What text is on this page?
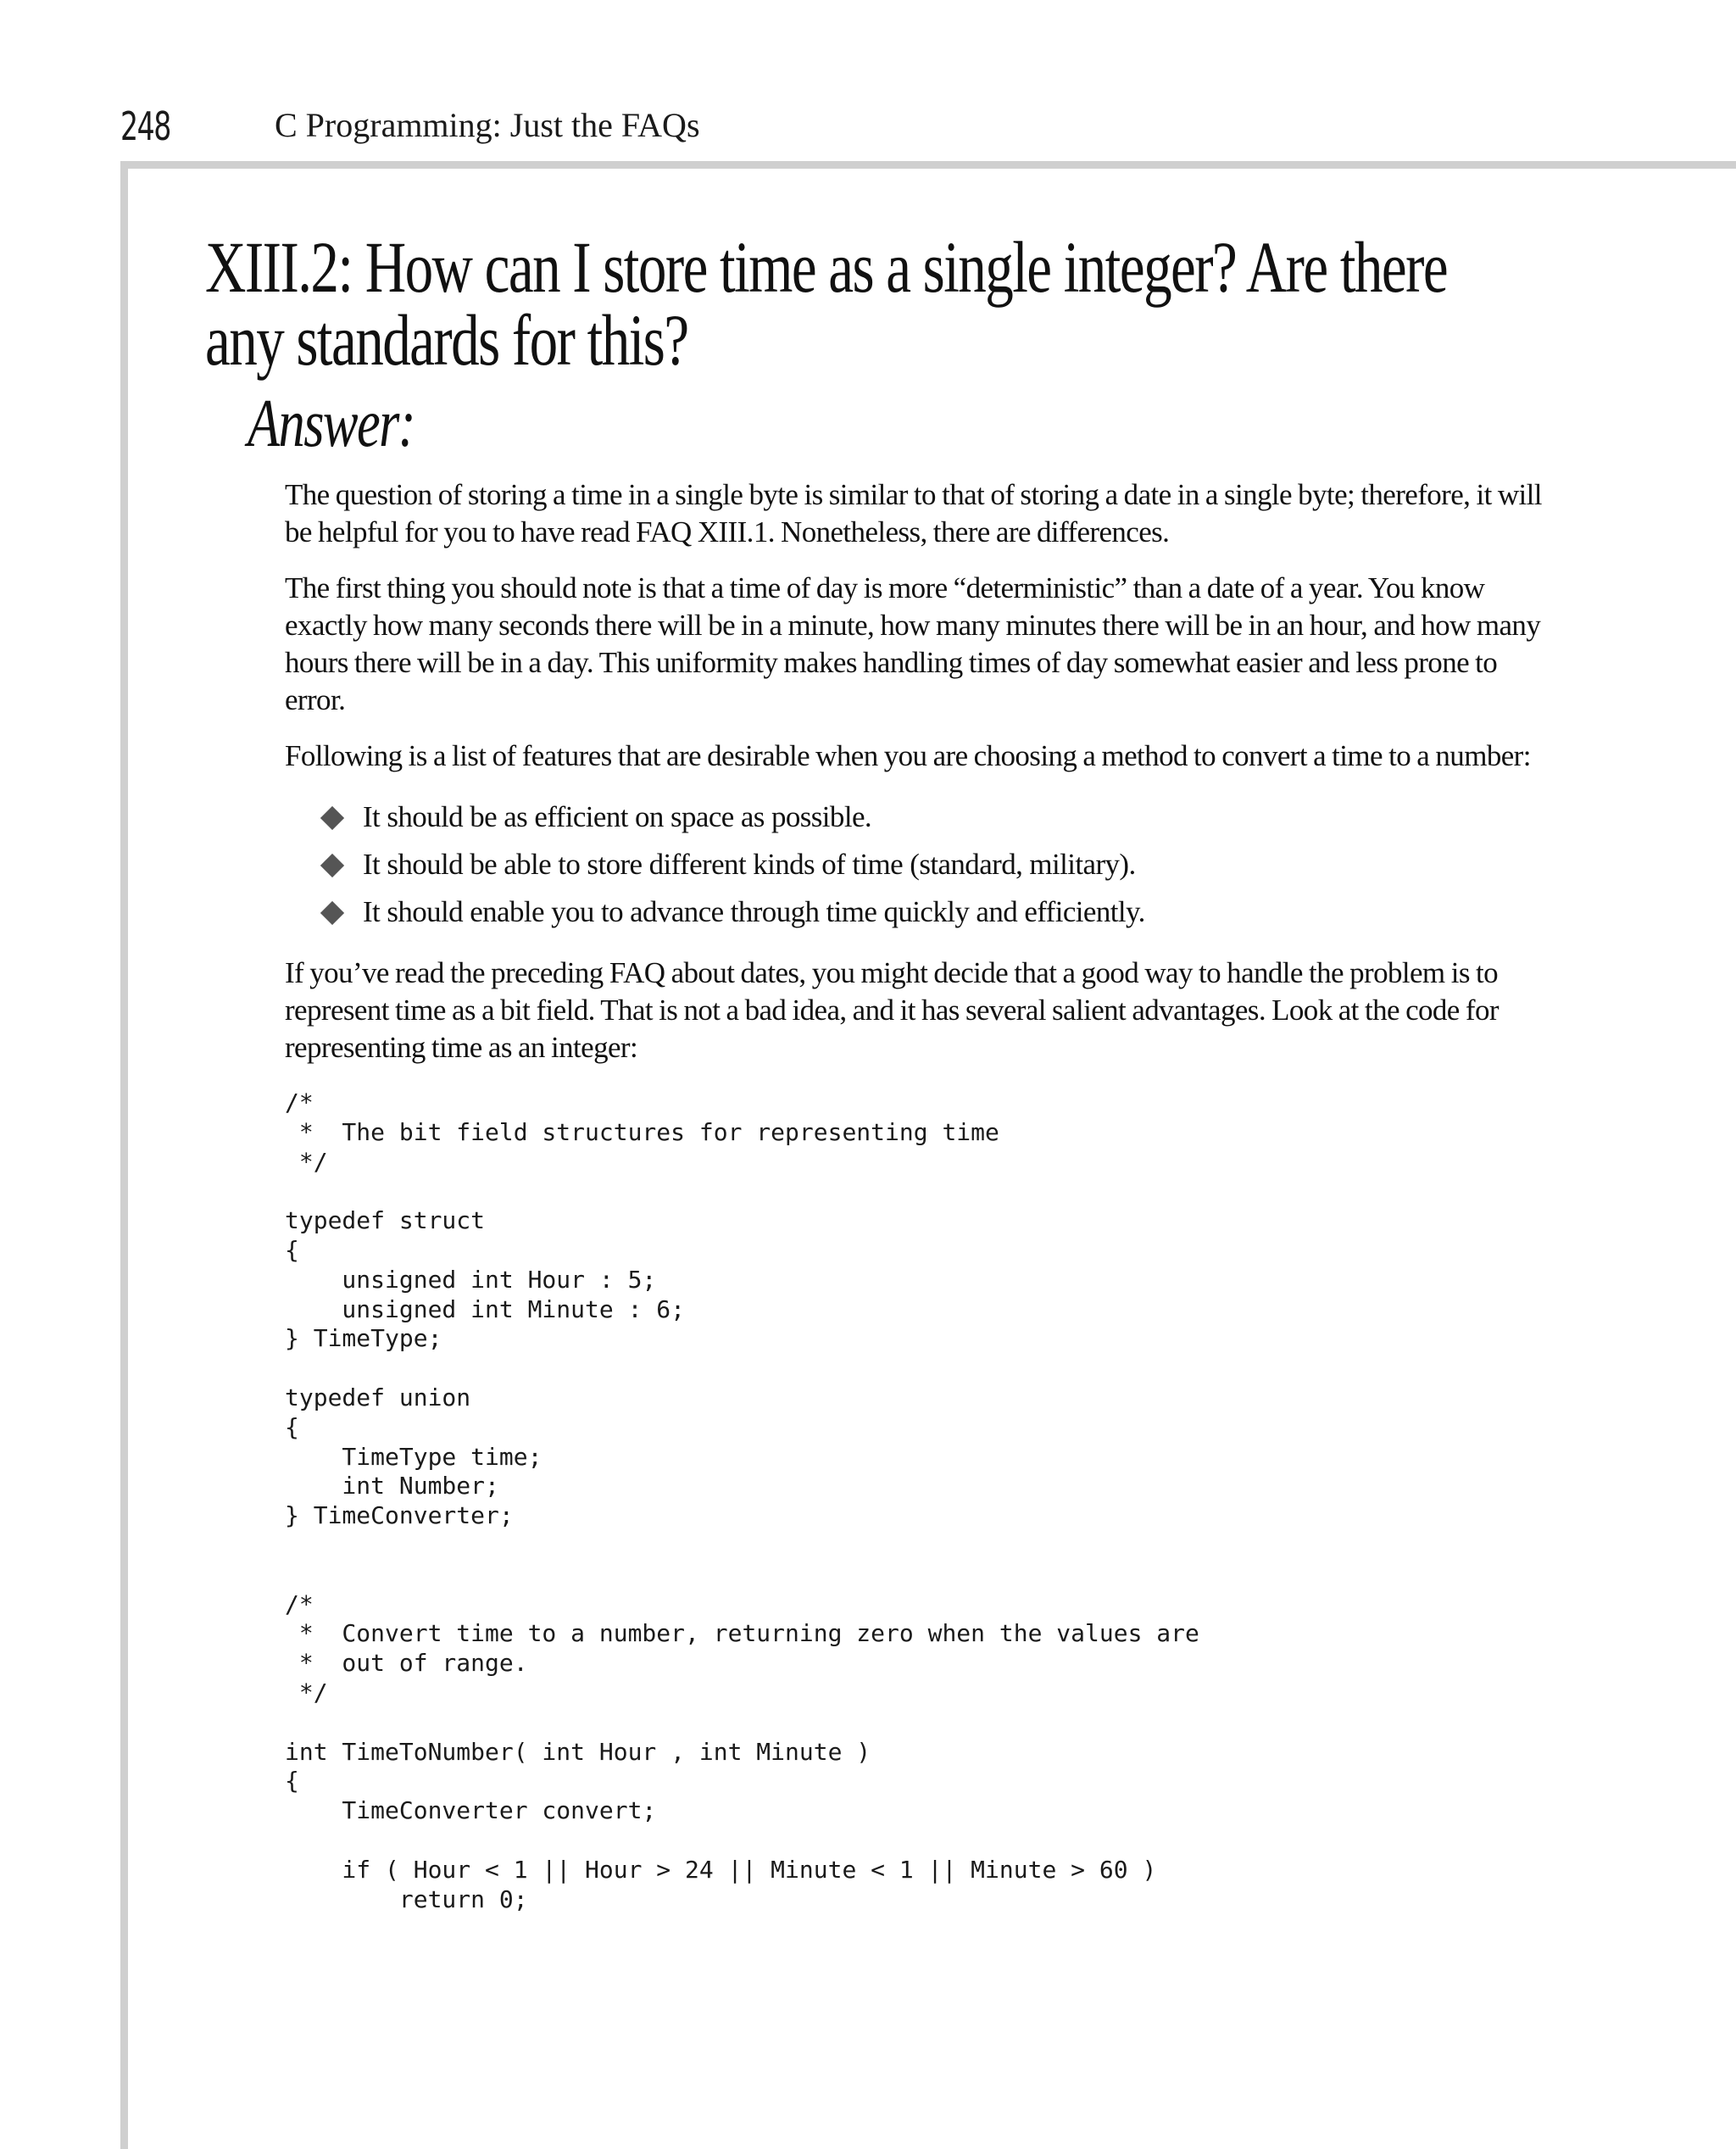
248	C Programming: Just the FAQs
XIII.2: How can I store time as a single integer? Are there any standards for this?
Answer:

The question of storing a time in a single byte is similar to that of storing a date in a single byte; therefore, it will be helpful for you to have read FAQ XIII.1. Nonetheless, there are differences.

The first thing you should note is that a time of day is more “deterministic” than a date of a year. You know exactly how many seconds there will be in a minute, how many minutes there will be in an hour, and how many hours there will be in a day. This uniformity makes handling times of day somewhat easier and less prone to error.

Following is a list of features that are desirable when you are choosing a method to convert a time to a number:

It should be as efficient on space as possible.
It should be able to store different kinds of time (standard, military).
It should enable you to advance through time quickly and efficiently.

If you’ve read the preceding FAQ about dates, you might decide that a good way to handle the problem is to represent time as a bit field. That is not a bad idea, and it has several salient advantages. Look at the code for representing time as an integer:

/*
*  The bit field structures for representing time
*/

typedef struct
{
unsigned int Hour : 5;
unsigned int Minute : 6;
} TimeType;

typedef union
{
TimeType time;
int Number;
} TimeConverter;

/*
*  Convert time to a number, returning zero when the values are
*  out of range.
*/

int TimeToNumber( int Hour , int Minute )
{
TimeConverter convert;

if ( Hour < 1 || Hour > 24 || Minute < 1 || Minute > 60 )
return 0;
